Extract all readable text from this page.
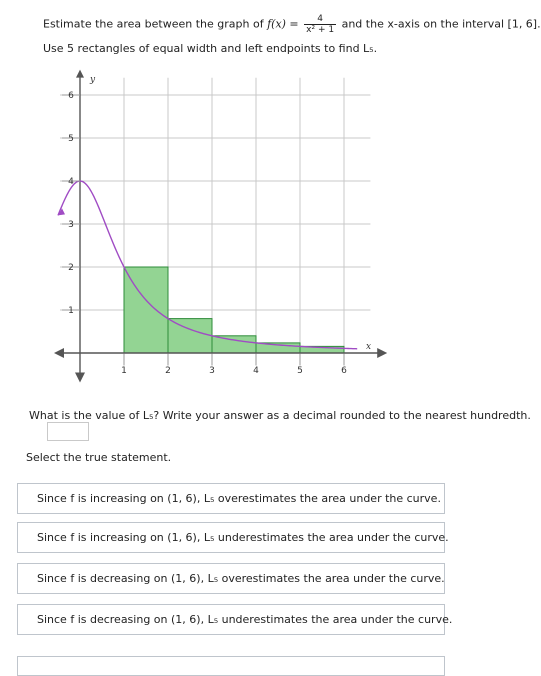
Estimate the area between the graph of $f(x) = \frac{4}{\text{x² + 1}}$ and the x-axis on the interval [1, 6].
Use 5 rectangles of equal width and left endpoints to find L₅.
1	2	3	4	5	6
1
2
3
4
5
6
x
y
What is the value of L₅? Write your answer as a decimal rounded to the nearest hundredth.
Select the true statement.
Since f is increasing on (1, 6), L₅ overestimates the area under the curve.
Since f is increasing on (1, 6), L₅ underestimates the area under the curve.
Since f is decreasing on (1, 6), L₅ overestimates the area under the curve.
Since f is decreasing on (1, 6), L₅ underestimates the area under the curve.
